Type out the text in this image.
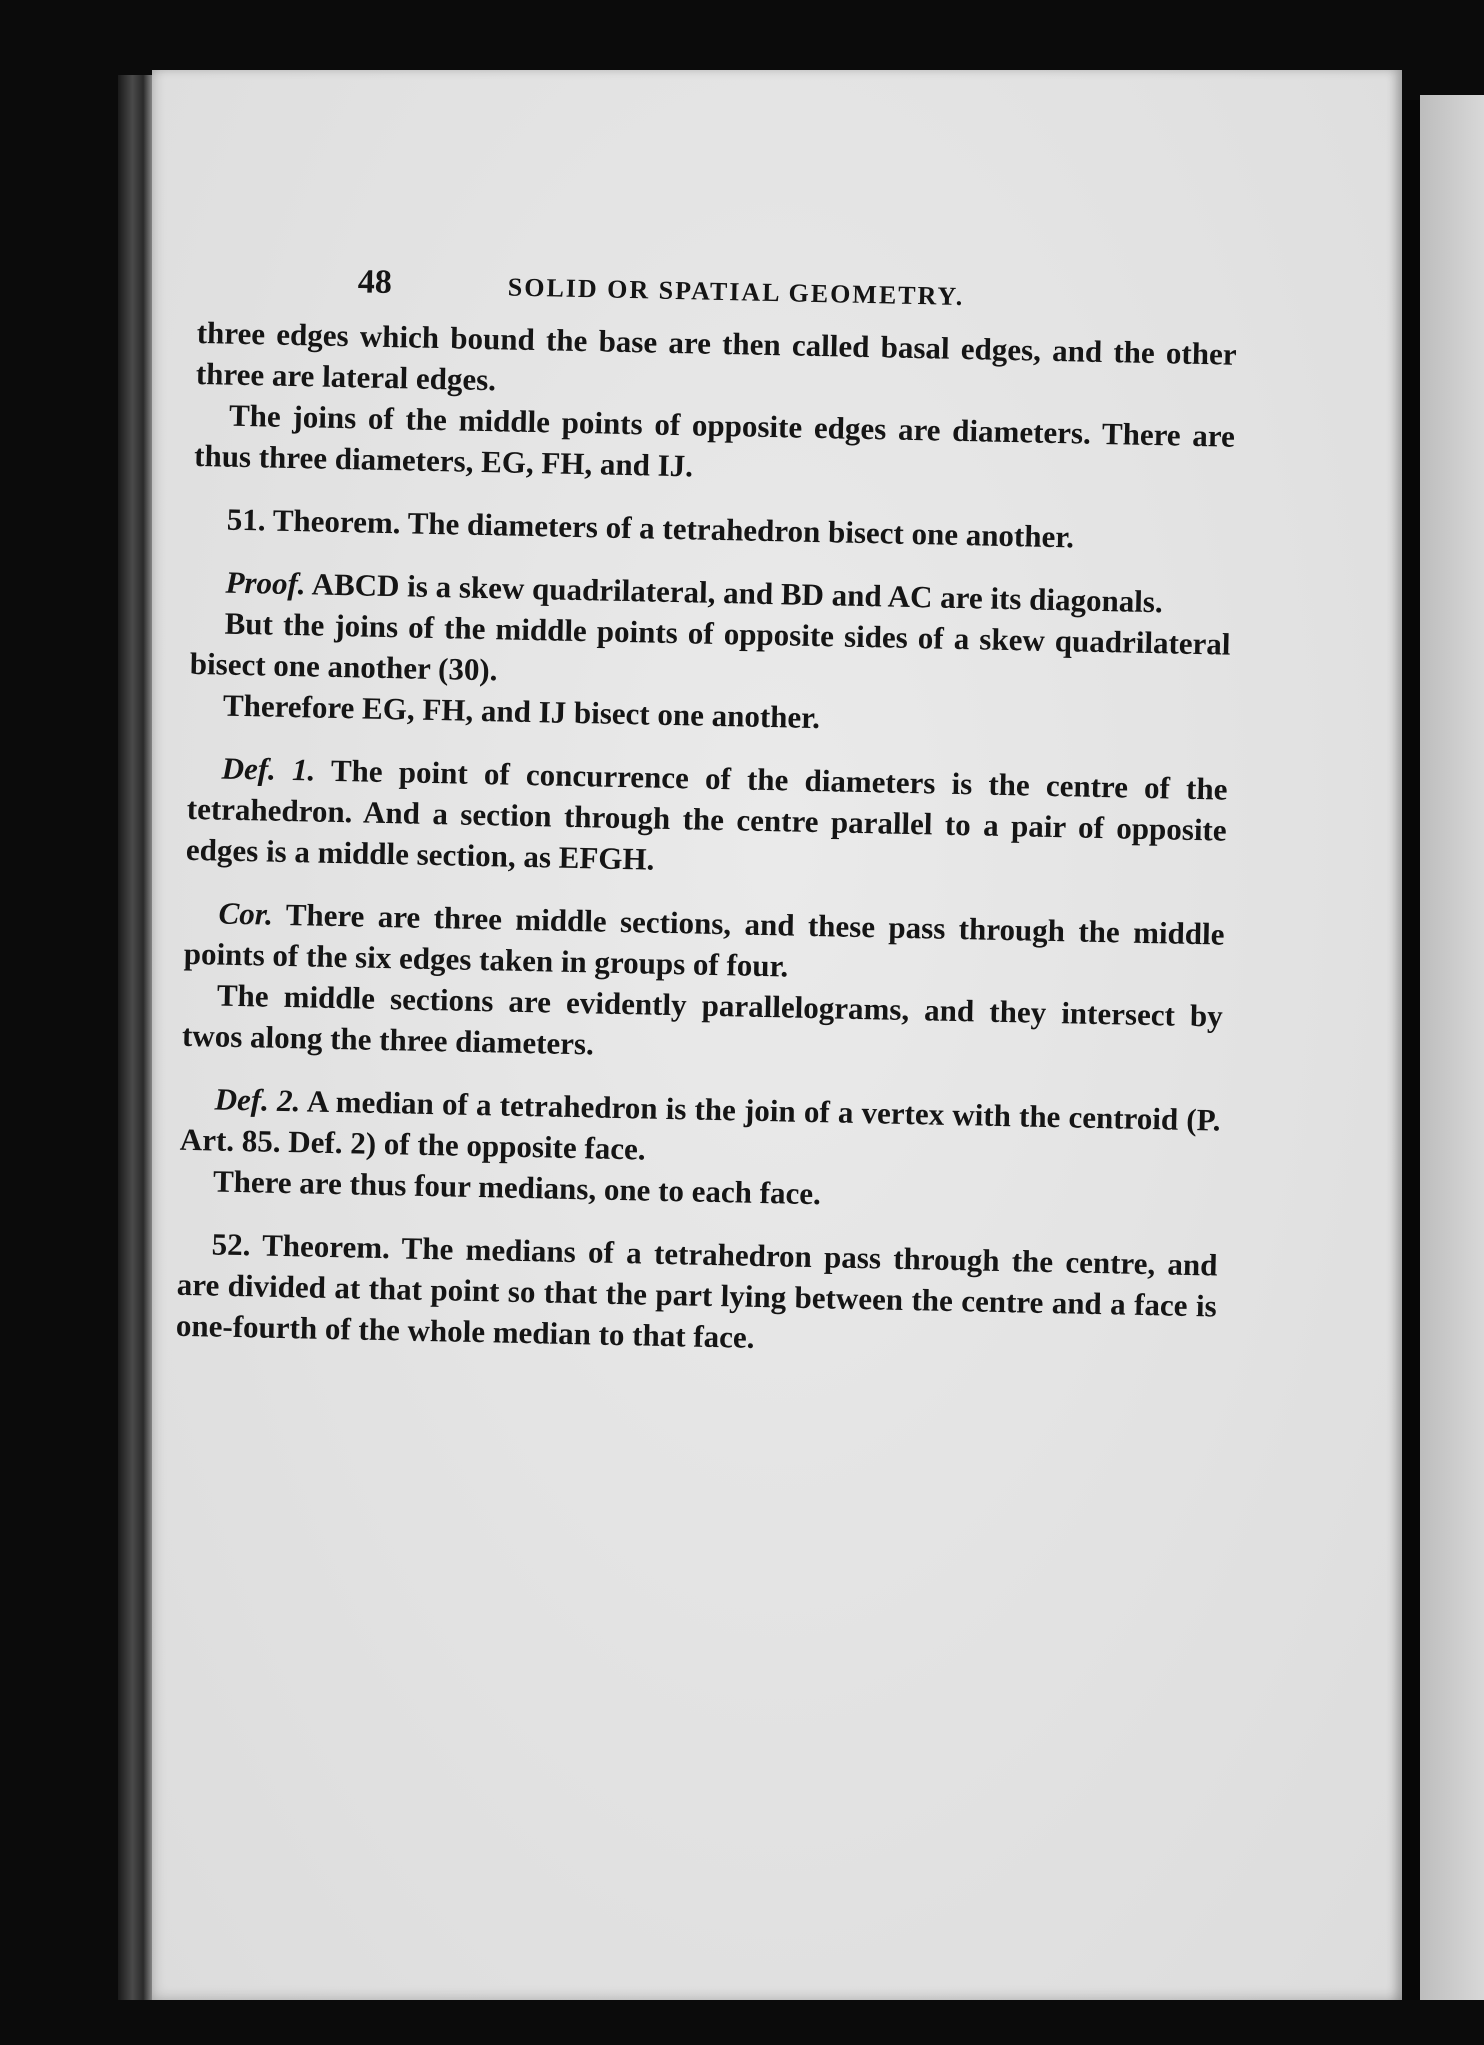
48	SOLID OR SPATIAL GEOMETRY.

three edges which bound the base are then called basal edges, and the other three are lateral edges.

The joins of the middle points of opposite edges are diameters. There are thus three diameters, EG, FH, and IJ.

51. Theorem. The diameters of a tetrahedron bisect one another.

Proof. ABCD is a skew quadrilateral, and BD and AC are its diagonals.

But the joins of the middle points of opposite sides of a skew quadrilateral bisect one another (30).

Therefore EG, FH, and IJ bisect one another.

Def. 1. The point of concurrence of the diameters is the centre of the tetrahedron. And a section through the centre parallel to a pair of opposite edges is a middle section, as EFGH.

Cor. There are three middle sections, and these pass through the middle points of the six edges taken in groups of four.

The middle sections are evidently parallelograms, and they intersect by twos along the three diameters.

Def. 2. A median of a tetrahedron is the join of a vertex with the centroid (P. Art. 85. Def. 2) of the opposite face.

There are thus four medians, one to each face.

52. Theorem. The medians of a tetrahedron pass through the centre, and are divided at that point so that the part lying between the centre and a face is one-fourth of the whole median to that face.
